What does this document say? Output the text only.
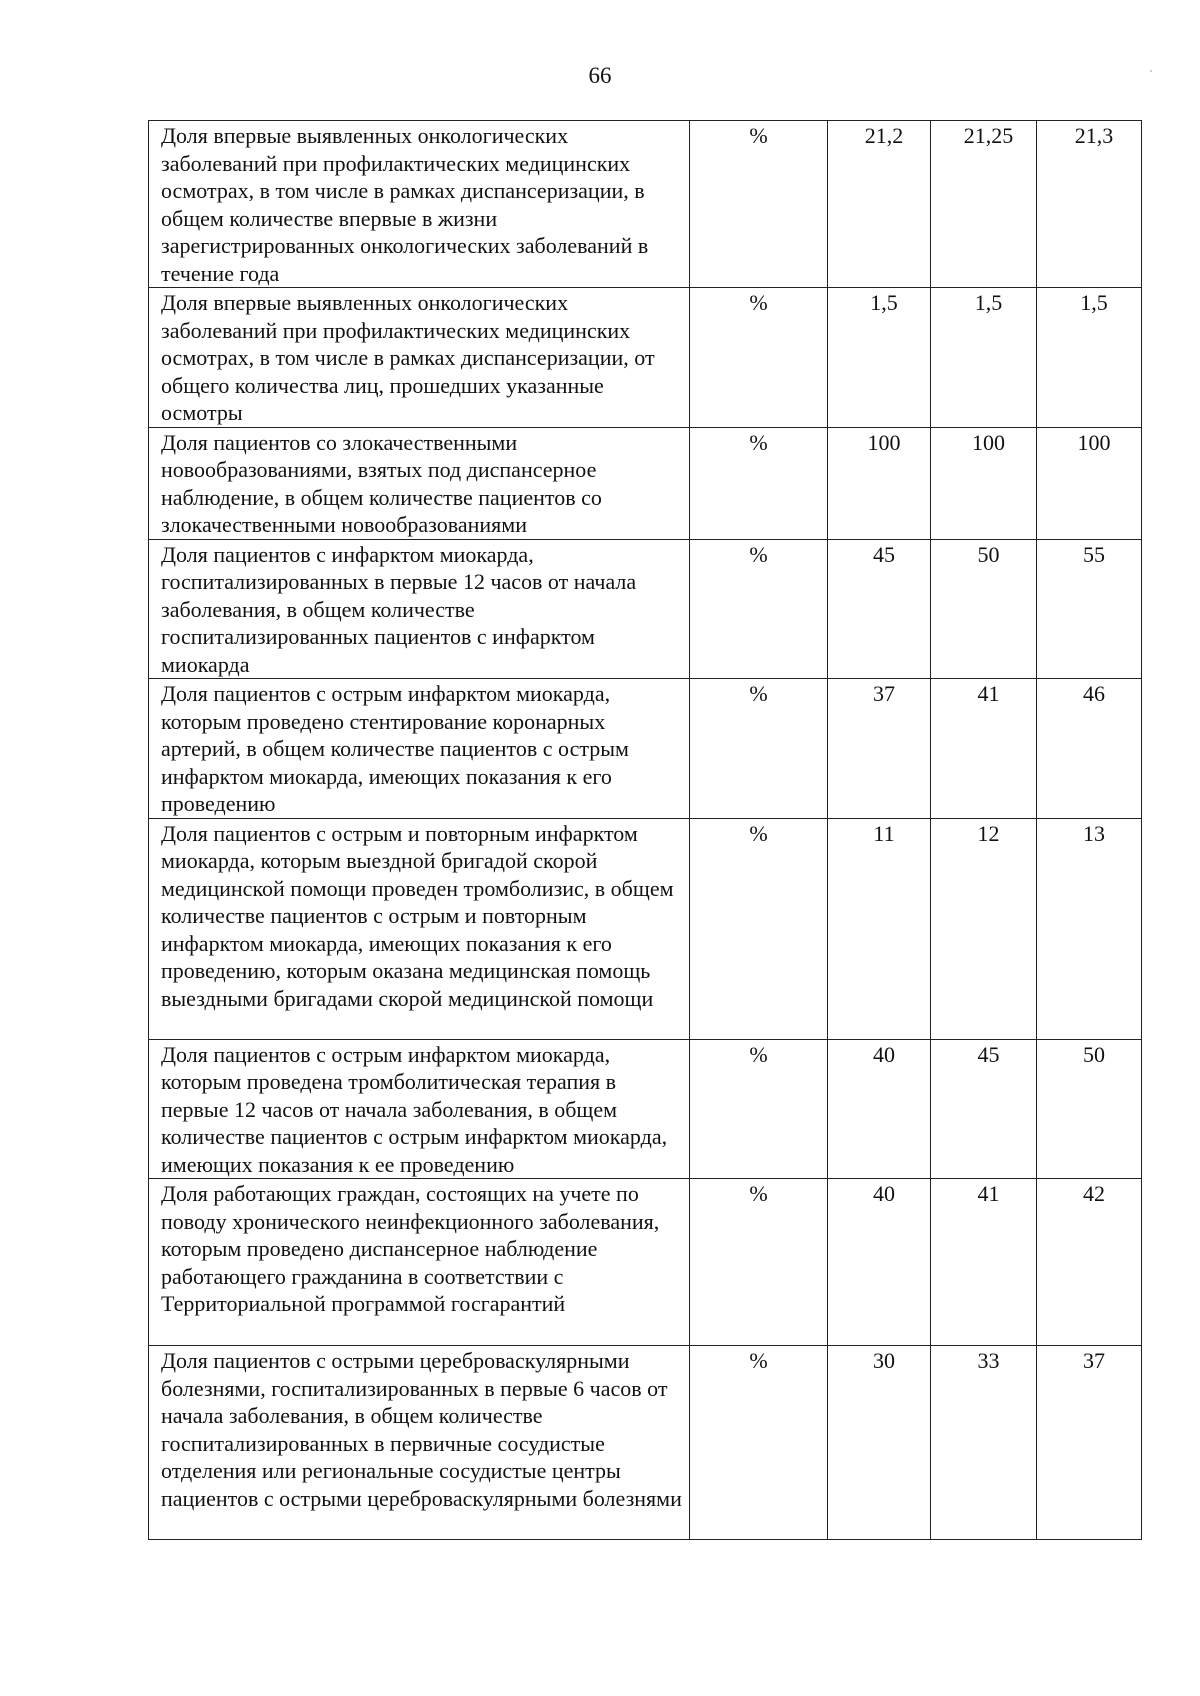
66
Доля впервые выявленных онкологических заболеваний при профилактических медицинских осмотрах, в том числе в рамках диспансеризации, в общем количестве впервые в жизни зарегистрированных онкологических заболеваний в течение года	%	21,2	21,25	21,3
Доля впервые выявленных онкологических заболеваний при профилактических медицинских осмотрах, в том числе в рамках диспансеризации, от общего количества лиц, прошедших указанные осмотры	%	1,5	1,5	1,5
Доля пациентов со злокачественными новообразованиями, взятых под диспансерное наблюдение, в общем количестве пациентов со злокачественными новообразованиями	%	100	100	100
Доля пациентов с инфарктом миокарда, госпитализированных в первые 12 часов от начала заболевания, в общем количестве госпитализированных пациентов с инфарктом миокарда	%	45	50	55
Доля пациентов с острым инфарктом миокарда, которым проведено стентирование коронарных артерий, в общем количестве пациентов с острым инфарктом миокарда, имеющих показания к его проведению	%	37	41	46
Доля пациентов с острым и повторным инфарктом миокарда, которым выездной бригадой скорой медицинской помощи проведен тромболизис, в общем количестве пациентов с острым и повторным инфарктом миокарда, имеющих показания к его проведению, которым оказана медицинская помощь выездными бригадами скорой медицинской помощи	%	11	12	13
Доля пациентов с острым инфарктом миокарда, которым проведена тромболитическая терапия в первые 12 часов от начала заболевания, в общем количестве пациентов с острым инфарктом миокарда, имеющих показания к ее проведению	%	40	45	50
Доля работающих граждан, состоящих на учете по поводу хронического неинфекционного заболевания, которым проведено диспансерное наблюдение работающего гражданина в соответствии с Территориальной программой госгарантий	%	40	41	42
Доля пациентов с острыми цереброваскулярными болезнями, госпитализированных в первые 6 часов от начала заболевания, в общем количестве госпитализированных в первичные сосудистые отделения или региональные сосудистые центры пациентов с острыми цереброваскулярными болезнями	%	30	33	37
